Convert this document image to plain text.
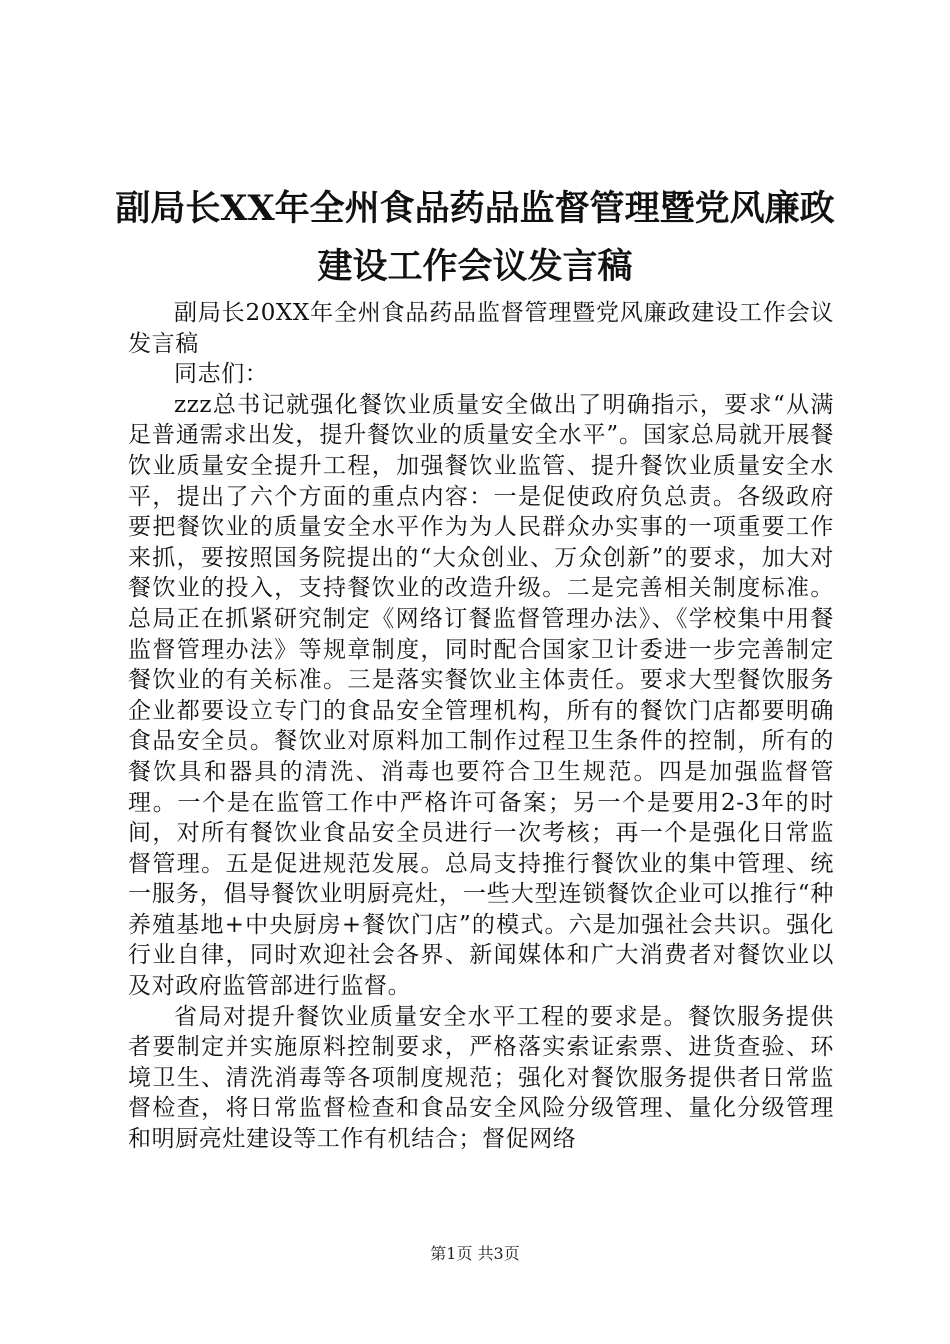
副局长XX年全州食品药品监督管理暨党风廉政建设工作会议发言稿

副局长20XX年全州食品药品监督管理暨党风廉政建设工作会议发言稿

同志们：

zzz总书记就强化餐饮业质量安全做出了明确指示，要求“从满足普通需求出发，提升餐饮业的质量安全水平”。国家总局就开展餐饮业质量安全提升工程，加强餐饮业监管、提升餐饮业质量安全水平，提出了六个方面的重点内容：一是促使政府负总责。各级政府要把餐饮业的质量安全水平作为为人民群众办实事的一项重要工作来抓，要按照国务院提出的“大众创业、万众创新”的要求，加大对餐饮业的投入，支持餐饮业的改造升级。二是完善相关制度标准。总局正在抓紧研究制定《网络订餐监督管理办法》、《学校集中用餐监督管理办法》等规章制度，同时配合国家卫计委进一步完善制定餐饮业的有关标准。三是落实餐饮业主体责任。要求大型餐饮服务企业都要设立专门的食品安全管理机构，所有的餐饮门店都要明确食品安全员。餐饮业对原料加工制作过程卫生条件的控制，所有的餐饮具和器具的清洗、消毒也要符合卫生规范。四是加强监督管理。一个是在监管工作中严格许可备案；另一个是要用2-3年的时间，对所有餐饮业食品安全员进行一次考核；再一个是强化日常监督管理。五是促进规范发展。总局支持推行餐饮业的集中管理、统一服务，倡导餐饮业明厨亮灶，一些大型连锁餐饮企业可以推行“种养殖基地+中央厨房+餐饮门店”的模式。六是加强社会共识。强化行业自律，同时欢迎社会各界、新闻媒体和广大消费者对餐饮业以及对政府监管部进行监督。

省局对提升餐饮业质量安全水平工程的要求是。餐饮服务提供者要制定并实施原料控制要求，严格落实索证索票、进货查验、环境卫生、清洗消毒等各项制度规范；强化对餐饮服务提供者日常监督检查，将日常监督检查和食品安全风险分级管理、量化分级管理和明厨亮灶建设等工作有机结合；督促网络

第1页 共3页
